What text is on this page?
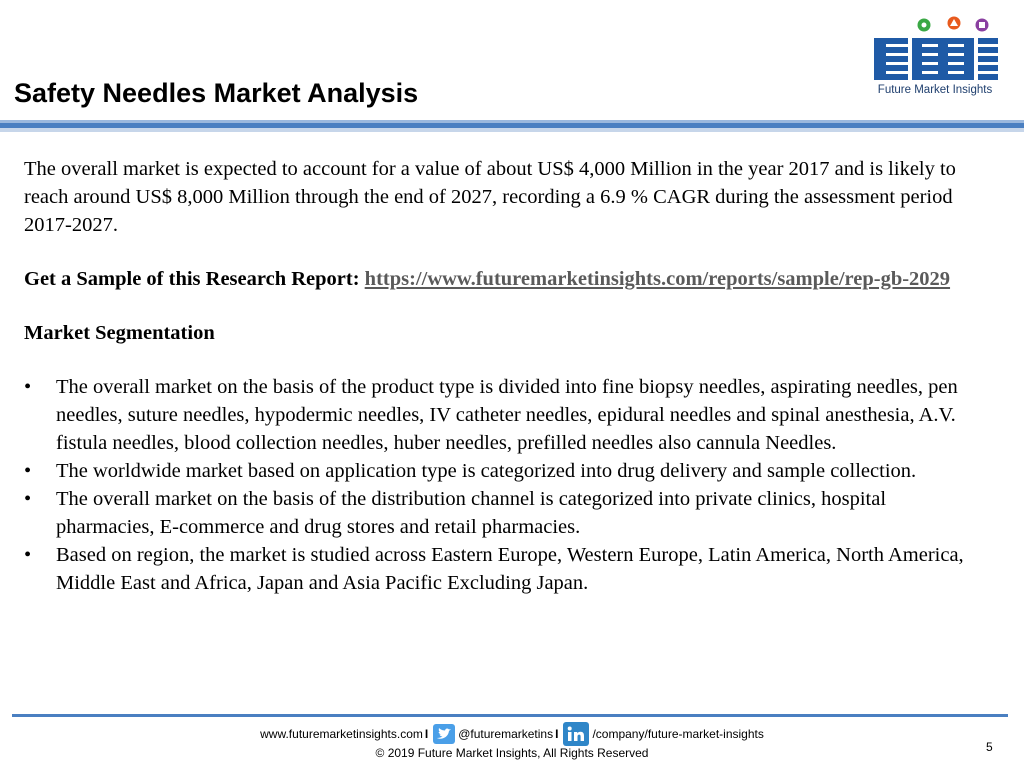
Safety Needles Market Analysis	Future Market Insights

The overall market is expected to account for a value of about US$ 4,000 Million in the year 2017 and is likely to reach around US$ 8,000 Million through the end of 2027, recording a 6.9 % CAGR during the assessment period 2017-2027.

Get a Sample of this Research Report: https://www.futuremarketinsights.com/reports/sample/rep-gb-2029

Market Segmentation

• The overall market on the basis of the product type is divided into fine biopsy needles, aspirating needles, pen needles, suture needles, hypodermic needles, IV catheter needles, epidural needles and spinal anesthesia, A.V. fistula needles, blood collection needles, huber needles, prefilled needles also cannula Needles.
• The worldwide market based on application type is categorized into drug delivery and sample collection.
• The overall market on the basis of the distribution channel is categorized into private clinics, hospital pharmacies, E-commerce and drug stores and retail pharmacies.
• Based on region, the market is studied across Eastern Europe, Western Europe, Latin America, North America, Middle East and Africa, Japan and Asia Pacific Excluding Japan.
www.futuremarketinsights.com I	@futuremarketins I	/company/future-market-insights
© 2019 Future Market Insights, All Rights Reserved	5
